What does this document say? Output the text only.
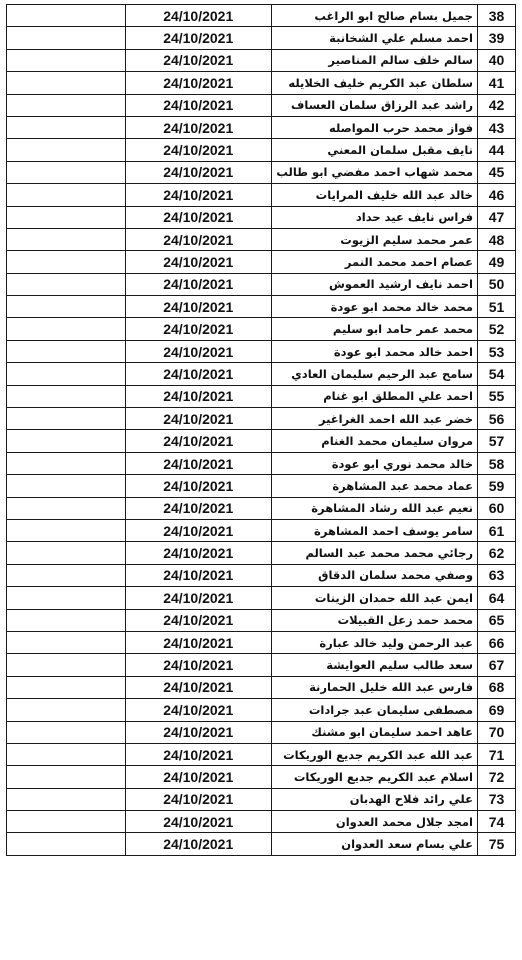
	24/10/2021	جميل بسام صالح ابو الراغب	38
	24/10/2021	احمد مسلم علي الشخانبة	39
	24/10/2021	سالم خلف سالم المناصير	40
	24/10/2021	سلطان عبد الكريم خليف الخلايله	41
	24/10/2021	راشد عبد الرزاق سلمان العساف	42
	24/10/2021	فواز محمد حرب المواصله	43
	24/10/2021	نايف مقبل سلمان المعني	44
	24/10/2021	محمد شهاب احمد مفضي ابو طالب	45
	24/10/2021	خالد عبد الله خليف المرايات	46
	24/10/2021	فراس نايف عيد حداد	47
	24/10/2021	عمر محمد سليم الزيوت	48
	24/10/2021	عصام احمد محمد النمر	49
	24/10/2021	احمد نايف ارشيد العموش	50
	24/10/2021	محمد خالد محمد ابو عودة	51
	24/10/2021	محمد عمر حامد ابو سليم	52
	24/10/2021	احمد خالد محمد ابو عودة	53
	24/10/2021	سامح عبد الرحيم سليمان العادي	54
	24/10/2021	احمد علي المطلق ابو غنام	55
	24/10/2021	خضر عبد الله احمد الغراغير	56
	24/10/2021	مروان سليمان محمد الغنام	57
	24/10/2021	خالد محمد نوري ابو عودة	58
	24/10/2021	عماد محمد عبد المشاهرة	59
	24/10/2021	نعيم عبد الله رشاد المشاهرة	60
	24/10/2021	سامر يوسف احمد المشاهرة	61
	24/10/2021	رجائي محمد محمد عبد السالم	62
	24/10/2021	وصفي محمد سلمان الدقاق	63
	24/10/2021	ايمن عبد الله حمدان الزينات	64
	24/10/2021	محمد حمد زعل القبيلات	65
	24/10/2021	عبد الرحمن وليد خالد عبارة	66
	24/10/2021	سعد طالب سليم العوايشة	67
	24/10/2021	فارس عبد الله خليل الحمارنة	68
	24/10/2021	مصطفى سليمان عبد جرادات	69
	24/10/2021	عاهد احمد سليمان ابو مشنك	70
	24/10/2021	عبد الله عبد الكريم جديع الوريكات	71
	24/10/2021	اسلام عبد الكريم جديع الوريكات	72
	24/10/2021	علي رائد فلاح الهدبان	73
	24/10/2021	امجد جلال محمد العدوان	74
	24/10/2021	علي بسام سعد العدوان	75
